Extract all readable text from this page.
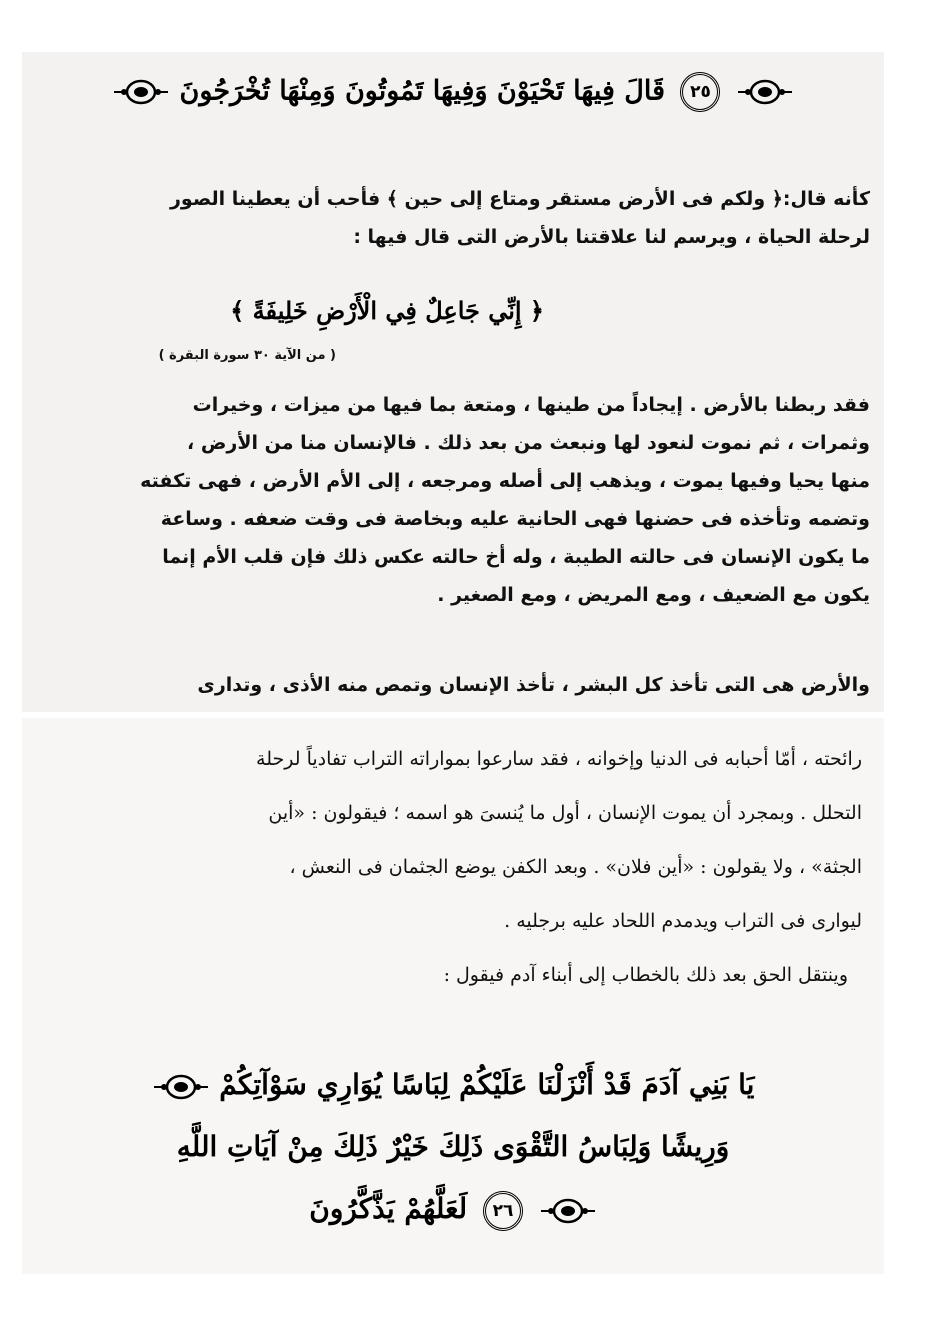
٢٥ قَالَ فِيهَا تَحْيَوْنَ وَفِيهَا تَمُوتُونَ وَمِنْهَا تُخْرَجُونَ
كأنه قال:﴿ ولكم فى الأرض مستقر ومتاع إلى حين ﴾ فأحب أن يعطينا الصور
لرحلة الحياة ، ويرسم لنا علاقتنا بالأرض التى قال فيها :
﴿ إِنِّي جَاعِلٌ فِي الْأَرْضِ خَلِيفَةً ﴾
( من الآية ٣٠ سورة البقرة )
فقد ربطنا بالأرض . إيجاداً من طينها ، ومتعة بما فيها من ميزات ، وخيرات
وثمرات ، ثم نموت لنعود لها ونبعث من بعد ذلك . فالإنسان منا من الأرض ،
منها يحيا وفيها يموت ، ويذهب إلى أصله ومرجعه ، إلى الأم الأرض ، فهى تكفته
وتضمه وتأخذه فى حضنها فهى الحانية عليه وبخاصة فى وقت ضعفه . وساعة
ما يكون الإنسان فى حالته الطيبة ، وله أخ حالته عكس ذلك فإن قلب الأم إنما
يكون مع الضعيف ، ومع المريض ، ومع الصغير .
والأرض هى التى تأخذ كل البشر ، تأخذ الإنسان وتمص منه الأذى ، وتدارى
رائحته ، أمّا أحبابه فى الدنيا وإخوانه ، فقد سارعوا بمواراته التراب تفادياً لرحلة
التحلل . وبمجرد أن يموت الإنسان ، أول ما يُنسىَ هو اسمه ؛ فيقولون : «أين
الجثة» ، ولا يقولون : «أين فلان» . وبعد الكفن يوضع الجثمان فى النعش ،
ليوارى فى التراب ويدمدم اللحاد عليه برجليه .
وينتقل الحق بعد ذلك بالخطاب إلى أبناء آدم فيقول :
يَا بَنِي آدَمَ قَدْ أَنْزَلْنَا عَلَيْكُمْ لِبَاسًا يُوَارِي سَوْآتِكُمْ
وَرِيشًا وَلِبَاسُ التَّقْوَى ذَلِكَ خَيْرٌ ذَلِكَ مِنْ آيَاتِ اللَّهِ
٢٦ لَعَلَّهُمْ يَذَّكَّرُونَ
